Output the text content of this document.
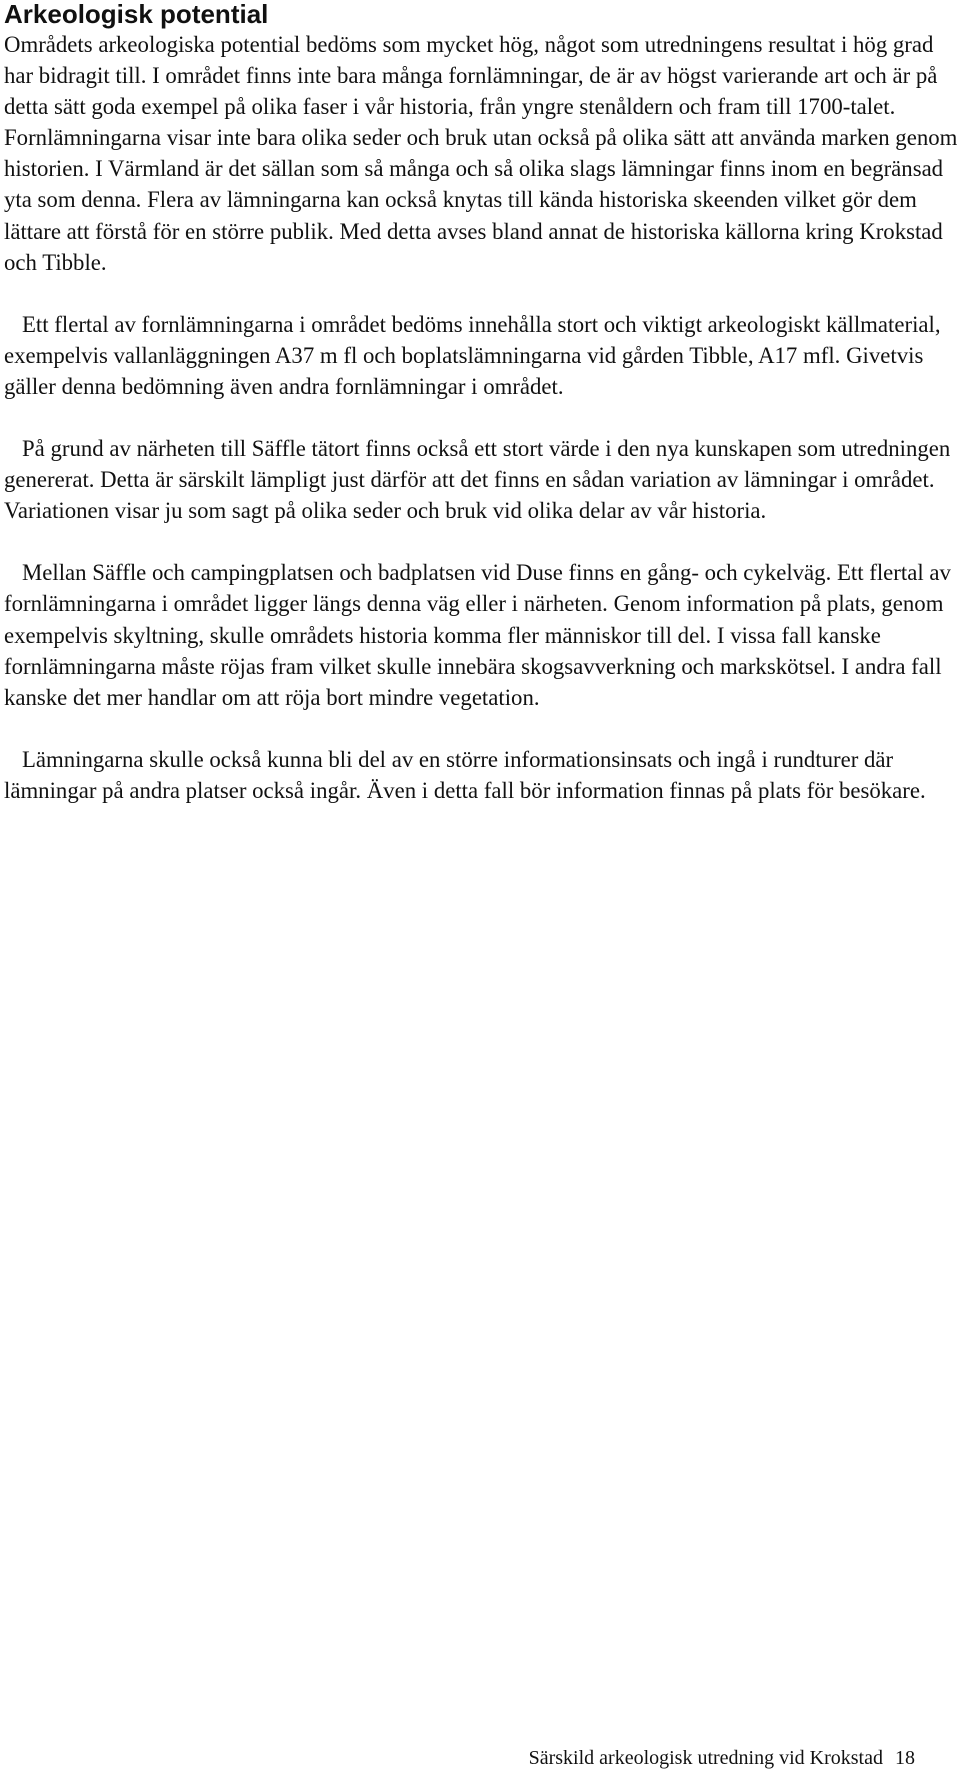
Arkeologisk potential

Områdets arkeologiska potential bedöms som mycket hög, något som utredningens resultat i hög grad har bidragit till. I området finns inte bara många fornlämningar, de är av högst varierande art och är på detta sätt goda exempel på olika faser i vår historia, från yngre stenåldern och fram till 1700-talet. Fornlämningarna visar inte bara olika seder och bruk utan också på olika sätt att använda marken genom historien. I Värmland är det sällan som så många och så olika slags lämningar finns inom en begränsad yta som denna. Flera av lämningarna kan också knytas till kända historiska skeenden vilket gör dem lättare att förstå för en större publik. Med detta avses bland annat de historiska källorna kring Krokstad och Tibble.

Ett flertal av fornlämningarna i området bedöms innehålla stort och viktigt arkeologiskt källmaterial, exempelvis vallanläggningen A37 m fl och boplatslämningarna vid gården Tibble, A17 mfl. Givetvis gäller denna bedömning även andra fornlämningar i området.

På grund av närheten till Säffle tätort finns också ett stort värde i den nya kunskapen som utredningen genererat. Detta är särskilt lämpligt just därför att det finns en sådan variation av lämningar i området. Variationen visar ju som sagt på olika seder och bruk vid olika delar av vår historia.

Mellan Säffle och campingplatsen och badplatsen vid Duse finns en gång- och cykelväg. Ett flertal av fornlämningarna i området ligger längs denna väg eller i närheten. Genom information på plats, genom exempelvis skyltning, skulle områdets historia komma fler människor till del. I vissa fall kanske fornlämningarna måste röjas fram vilket skulle innebära skogsavverkning och markskötsel. I andra fall kanske det mer handlar om att röja bort mindre vegetation.

Lämningarna skulle också kunna bli del av en större informationsinsats och ingå i rundturer där lämningar på andra platser också ingår. Även i detta fall bör information finnas på plats för besökare.

Särskild arkeologisk utredning vid Krokstad 18
